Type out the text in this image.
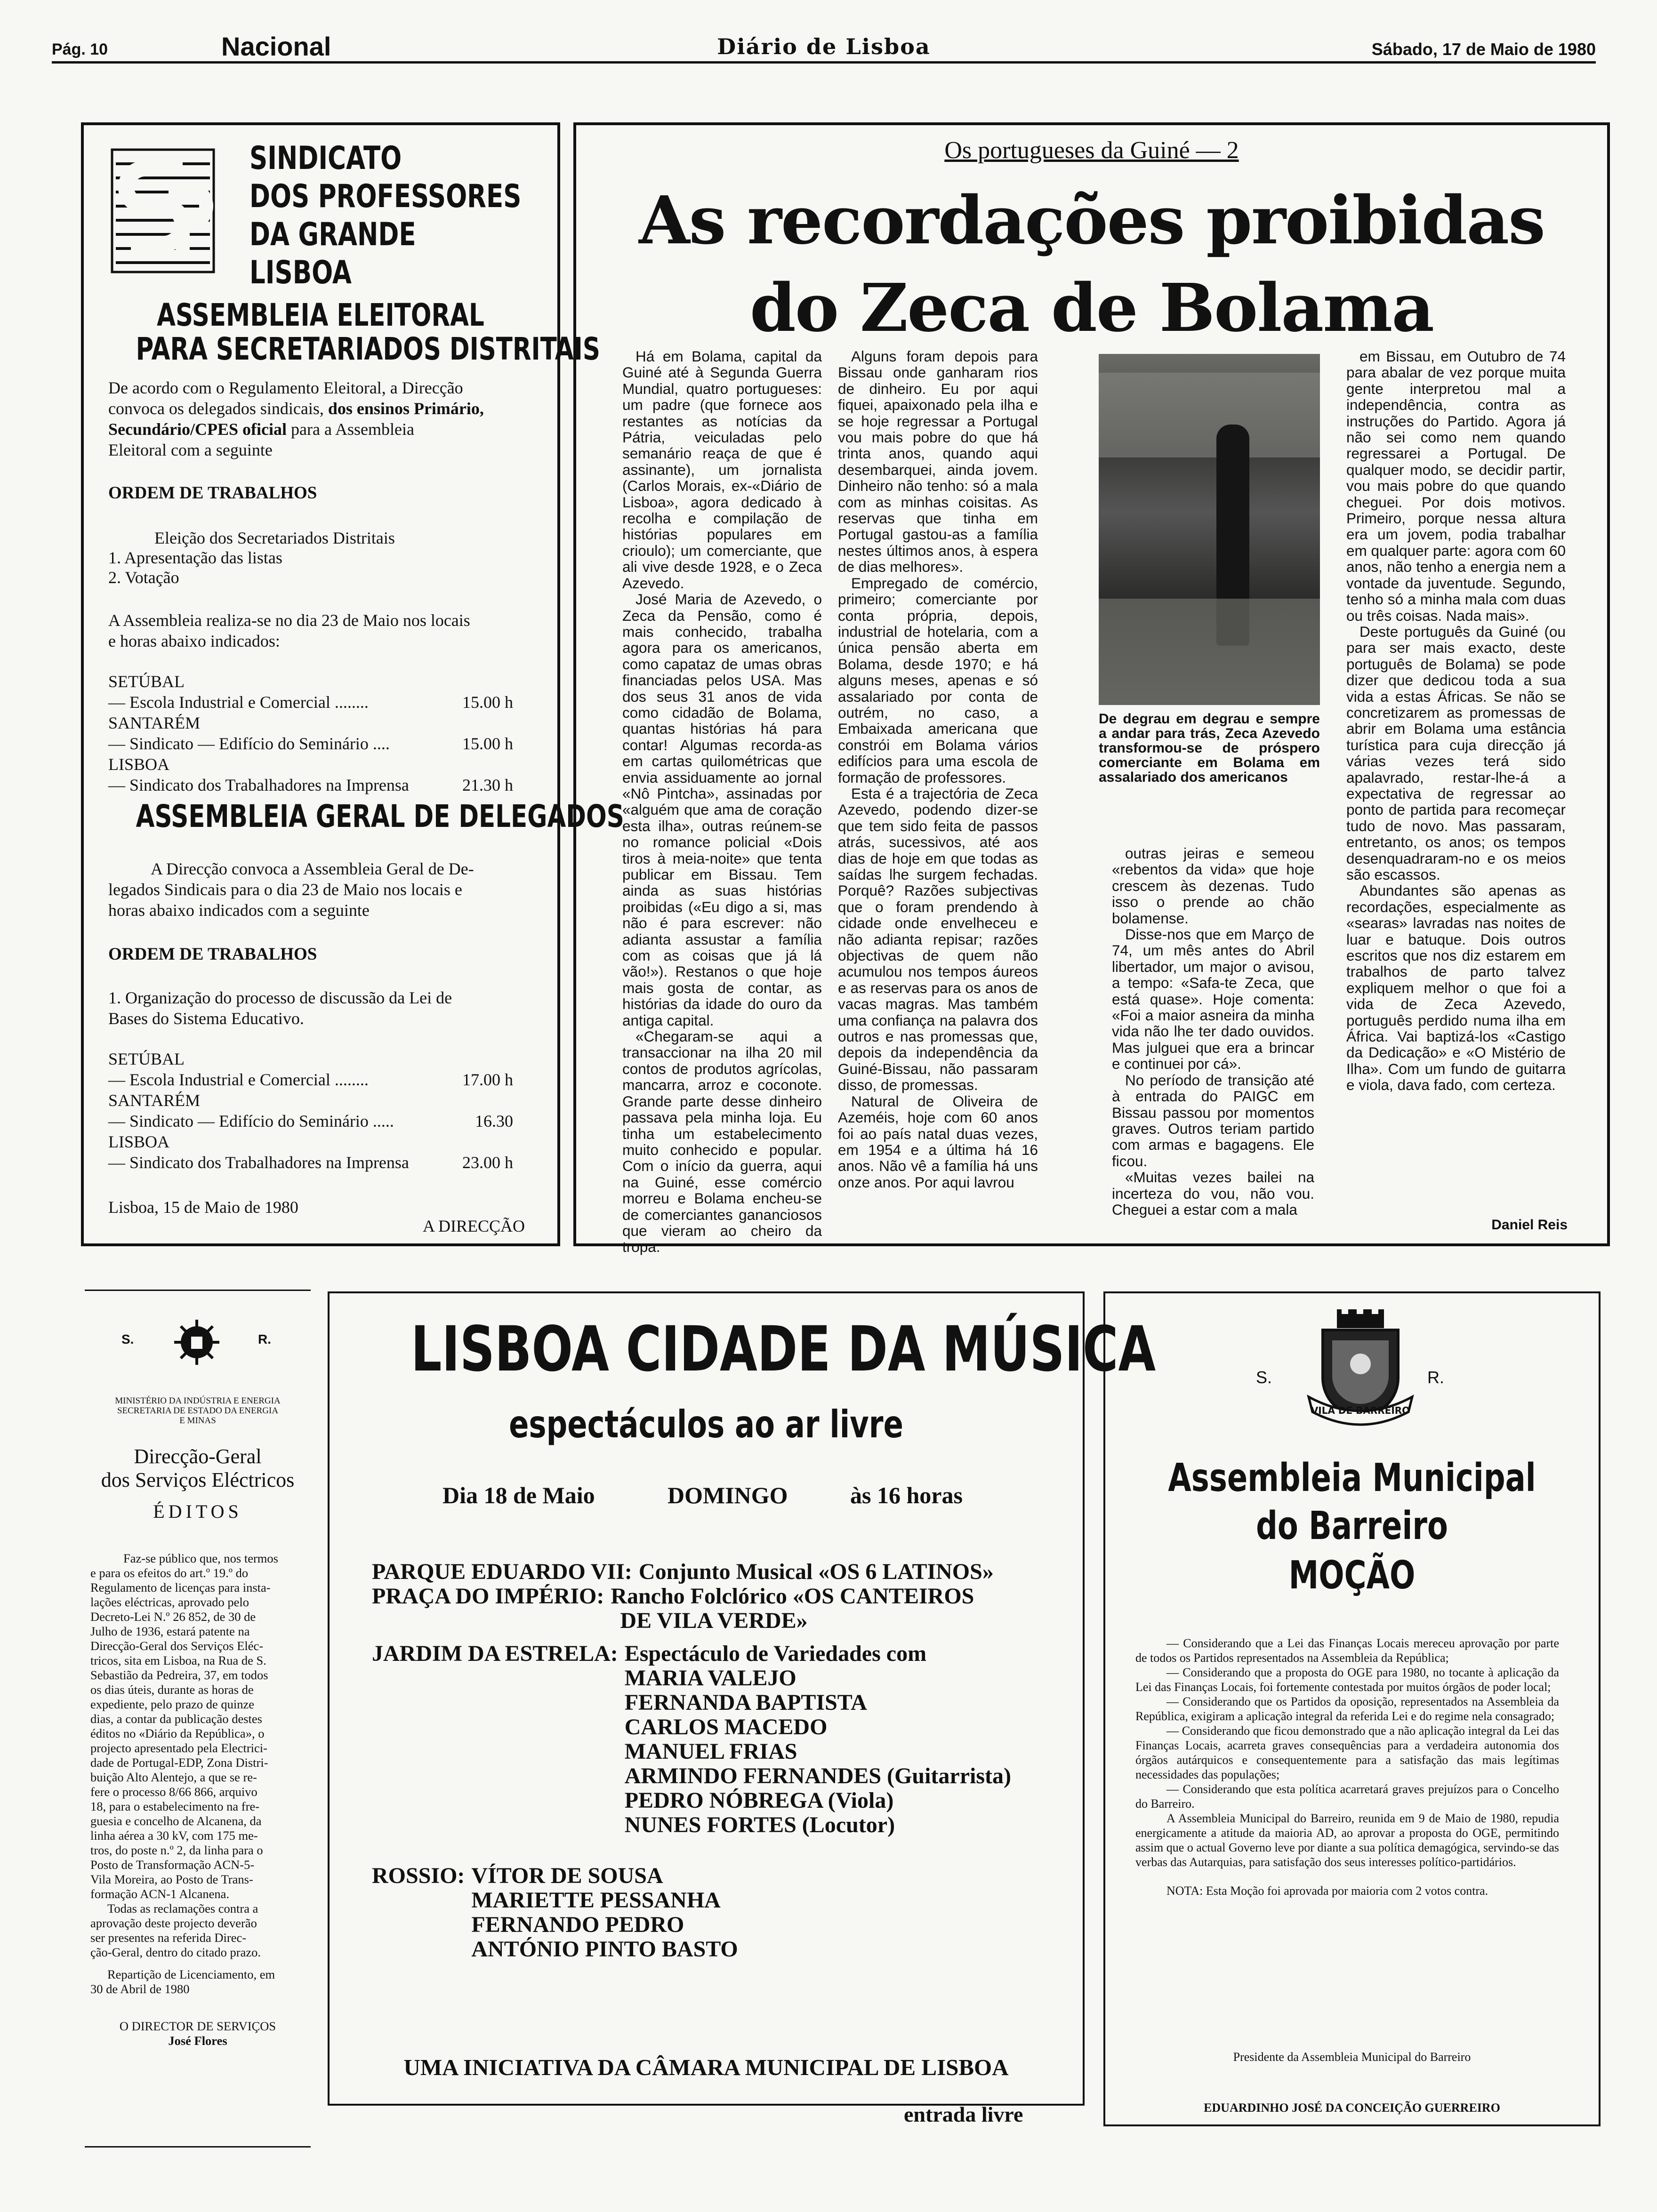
Pág. 10	Nacional	Diário de Lisboa	Sábado, 17 de Maio de 1980
SINDICATO
DOS PROFESSORES
DA GRANDE
LISBOA
ASSEMBLEIA ELEITORAL
PARA SECRETARIADOS DISTRITAIS
De acordo com o Regulamento Eleitoral, a Direcção
convoca os delegados sindicais, dos ensinos Primário, Secundário/CPES oficial para a Assembleia
Eleitoral com a seguinte
ORDEM DE TRABALHOS
Eleição dos Secretariados Distritais
1. Apresentação das listas
2. Votação
A Assembleia realiza-se no dia 23 de Maio nos locais
e horas abaixo indicados:
SETÚBAL
— Escola Industrial e Comercial ........	15.00 h
SANTARÉM
— Sindicato — Edifício do Seminário ....	15.00 h
LISBOA
— Sindicato dos Trabalhadores na Imprensa	21.30 h
ASSEMBLEIA GERAL DE DELEGADOS
A Direcção convoca a Assembleia Geral de De-
legados Sindicais para o dia 23 de Maio nos locais e
horas abaixo indicados com a seguinte
ORDEM DE TRABALHOS
1. Organização do processo de discussão da Lei de
Bases do Sistema Educativo.
SETÚBAL
— Escola Industrial e Comercial ........	17.00 h
SANTARÉM
— Sindicato — Edifício do Seminário .....	16.30
LISBOA
— Sindicato dos Trabalhadores na Imprensa	23.00 h
Lisboa, 15 de Maio de 1980
A DIRECÇÃO
Os portugueses da Guiné — 2
As recordações proibidas
do Zeca de Bolama

Há em Bolama, capital da Guiné até à Segunda Guerra Mundial, quatro portugueses: um padre (que fornece aos restantes as notícias da Pátria, veiculadas pelo semanário reaça de que é assinante), um jornalista (Carlos Morais, ex-«Diário de Lisboa», agora dedicado à recolha e compilação de histórias populares em crioulo); um comerciante, que ali vive desde 1928, e o Zeca Azevedo.

José Maria de Azevedo, o Zeca da Pensão, como é mais conhecido, trabalha agora para os americanos, como capataz de umas obras financiadas pelos USA. Mas dos seus 31 anos de vida como cidadão de Bolama, quantas histórias há para contar! Algumas recorda-as em cartas quilométricas que envia assiduamente ao jornal «Nô Pintcha», assinadas por «alguém que ama de coração esta ilha», outras reúnem-se no romance policial «Dois tiros à meia-noite» que tenta publicar em Bissau. Tem ainda as suas histórias proibidas («Eu digo a si, mas não é para escrever: não adianta assustar a família com as coisas que já lá vão!»). Restanos o que hoje mais gosta de contar, as histórias da idade do ouro da antiga capital.

«Chegaram-se aqui a transaccionar na ilha 20 mil contos de produtos agrícolas, mancarra, arroz e coconote. Grande parte desse dinheiro passava pela minha loja. Eu tinha um estabelecimento muito conhecido e popular. Com o início da guerra, aqui na Guiné, esse comércio morreu e Bolama encheu-se de comerciantes gananciosos que vieram ao cheiro da tropa.

Alguns foram depois para Bissau onde ganharam rios de dinheiro. Eu por aqui fiquei, apaixonado pela ilha e se hoje regressar a Portugal vou mais pobre do que há trinta anos, quando aqui desembarquei, ainda jovem. Dinheiro não tenho: só a mala com as minhas coisitas. As reservas que tinha em Portugal gastou-as a família nestes últimos anos, à espera de dias melhores».

Empregado de comércio, primeiro; comerciante por conta própria, depois, industrial de hotelaria, com a única pensão aberta em Bolama, desde 1970; e há alguns meses, apenas e só assalariado por conta de outrém, no caso, a Embaixada americana que constrói em Bolama vários edifícios para uma escola de formação de professores.

Esta é a trajectória de Zeca Azevedo, podendo dizer-se que tem sido feita de passos atrás, sucessivos, até aos dias de hoje em que todas as saídas lhe surgem fechadas. Porquê? Razões subjectivas que o foram prendendo à cidade onde envelheceu e não adianta repisar; razões objectivas de quem não acumulou nos tempos áureos e as reservas para os anos de vacas magras. Mas também uma confiança na palavra dos outros e nas promessas que, depois da independência da Guiné-Bissau, não passaram disso, de promessas.

Natural de Oliveira de Azeméis, hoje com 60 anos foi ao país natal duas vezes, em 1954 e a última há 16 anos. Não vê a família há uns onze anos. Por aqui lavrou

De degrau em degrau e sempre a andar para trás, Zeca Azevedo transformou-se de próspero comerciante em Bolama em assalariado dos americanos

outras jeiras e semeou «rebentos da vida» que hoje crescem às dezenas. Tudo isso o prende ao chão bolamense.

Disse-nos que em Março de 74, um mês antes do Abril libertador, um major o avisou, a tempo: «Safa-te Zeca, que está quase». Hoje comenta: «Foi a maior asneira da minha vida não lhe ter dado ouvidos. Mas julguei que era a brincar e continuei por cá».

No período de transição até à entrada do PAIGC em Bissau passou por momentos graves. Outros teriam partido com armas e bagagens. Ele ficou.

«Muitas vezes bailei na incerteza do vou, não vou. Cheguei a estar com a mala

em Bissau, em Outubro de 74 para abalar de vez porque muita gente interpretou mal a independência, contra as instruções do Partido. Agora já não sei como nem quando regressarei a Portugal. De qualquer modo, se decidir partir, vou mais pobre do que quando cheguei. Por dois motivos. Primeiro, porque nessa altura era um jovem, podia trabalhar em qualquer parte: agora com 60 anos, não tenho a energia nem a vontade da juventude. Segundo, tenho só a minha mala com duas ou três coisas. Nada mais».

Deste português da Guiné (ou para ser mais exacto, deste português de Bolama) se pode dizer que dedicou toda a sua vida a estas Áfricas. Se não se concretizarem as promessas de abrir em Bolama uma estância turística para cuja direcção já várias vezes terá sido apalavrado, restar-lhe-á a expectativa de regressar ao ponto de partida para recomeçar tudo de novo. Mas passaram, entretanto, os anos; os tempos desenquadraram-no e os meios são escassos.

Abundantes são apenas as recordações, especialmente as «searas» lavradas nas noites de luar e batuque. Dois outros escritos que nos diz estarem em trabalhos de parto talvez expliquem melhor o que foi a vida de Zeca Azevedo, português perdido numa ilha em África. Vai baptizá-los «Castigo da Dedicação» e «O Mistério de Ilha». Com um fundo de guitarra e viola, dava fado, com certeza.

Daniel Reis
S.	R.
MINISTÉRIO DA INDÚSTRIA E ENERGIA
SECRETARIA DE ESTADO DA ENERGIA
E MINAS
Direcção-Geral
dos Serviços Eléctricos
ÉDITOS
Faz-se público que, nos termos
e para os efeitos do art.º 19.º do
Regulamento de licenças para insta-
lações eléctricas, aprovado pelo
Decreto-Lei N.º 26 852, de 30 de
Julho de 1936, estará patente na
Direcção-Geral dos Serviços Eléc-
tricos, sita em Lisboa, na Rua de S.
Sebastião da Pedreira, 37, em todos
os dias úteis, durante as horas de
expediente, pelo prazo de quinze
dias, a contar da publicação destes
éditos no «Diário da República», o
projecto apresentado pela Electrici-
dade de Portugal-EDP, Zona Distri-
buição Alto Alentejo, a que se re-
fere o processo 8/66 866, arquivo
18, para o estabelecimento na fre-
guesia e concelho de Alcanena, da
linha aérea a 30 kV, com 175 me-
tros, do poste n.º 2, da linha para o
Posto de Transformação ACN-5-
Vila Moreira, ao Posto de Trans-
formação ACN-1 Alcanena.
Todas as reclamações contra a
aprovação deste projecto deverão
ser presentes na referida Direc-
ção-Geral, dentro do citado prazo.
Repartição de Licenciamento, em
30 de Abril de 1980
O DIRECTOR DE SERVIÇOS
José Flores
LISBOA CIDADE DA MÚSICA
espectáculos ao ar livre
Dia 18 de Maio	DOMINGO	às 16 horas
PARQUE EDUARDO VII: Conjunto Musical «OS 6 LATINOS»
PRAÇA DO IMPÉRIO: Rancho Folclórico «OS CANTEIROS
DE VILA VERDE»
JARDIM DA ESTRELA: Espectáculo de Variedades com
MARIA VALEJO
FERNANDA BAPTISTA
CARLOS MACEDO
MANUEL FRIAS
ARMINDO FERNANDES (Guitarrista)
PEDRO NÓBREGA (Viola)
NUNES FORTES (Locutor)
ROSSIO: VÍTOR DE SOUSA
MARIETTE PESSANHA
FERNANDO PEDRO
ANTÓNIO PINTO BASTO
UMA INICIATIVA DA CÂMARA MUNICIPAL DE LISBOA
entrada livre
S.	R.
VILA DE BARREIRO
Assembleia Municipal
do Barreiro
MOÇÃO

— Considerando que a Lei das Finanças Locais mereceu aprovação por parte de todos os Partidos representados na Assembleia da República;

— Considerando que a proposta do OGE para 1980, no tocante à aplicação da Lei das Finanças Locais, foi fortemente contestada por muitos órgãos de poder local;

— Considerando que os Partidos da oposição, representados na Assembleia da República, exigiram a aplicação integral da referida Lei e do regime nela consagrado;

— Considerando que ficou demonstrado que a não aplicação integral da Lei das Finanças Locais, acarreta graves consequências para a verdadeira autonomia dos órgãos autárquicos e consequentemente para a satisfação das mais legítimas necessidades das populações;

— Considerando que esta política acarretará graves prejuízos para o Concelho do Barreiro.

A Assembleia Municipal do Barreiro, reunida em 9 de Maio de 1980, repudia energicamente a atitude da maioria AD, ao aprovar a proposta do OGE, permitindo assim que o actual Governo leve por diante a sua política demagógica, servindo-se das verbas das Autarquias, para satisfação dos seus interesses político-partidários.

NOTA: Esta Moção foi aprovada por maioria com 2 votos contra.

Presidente da Assembleia Municipal do Barreiro
EDUARDINHO JOSÉ DA CONCEIÇÃO GUERREIRO
